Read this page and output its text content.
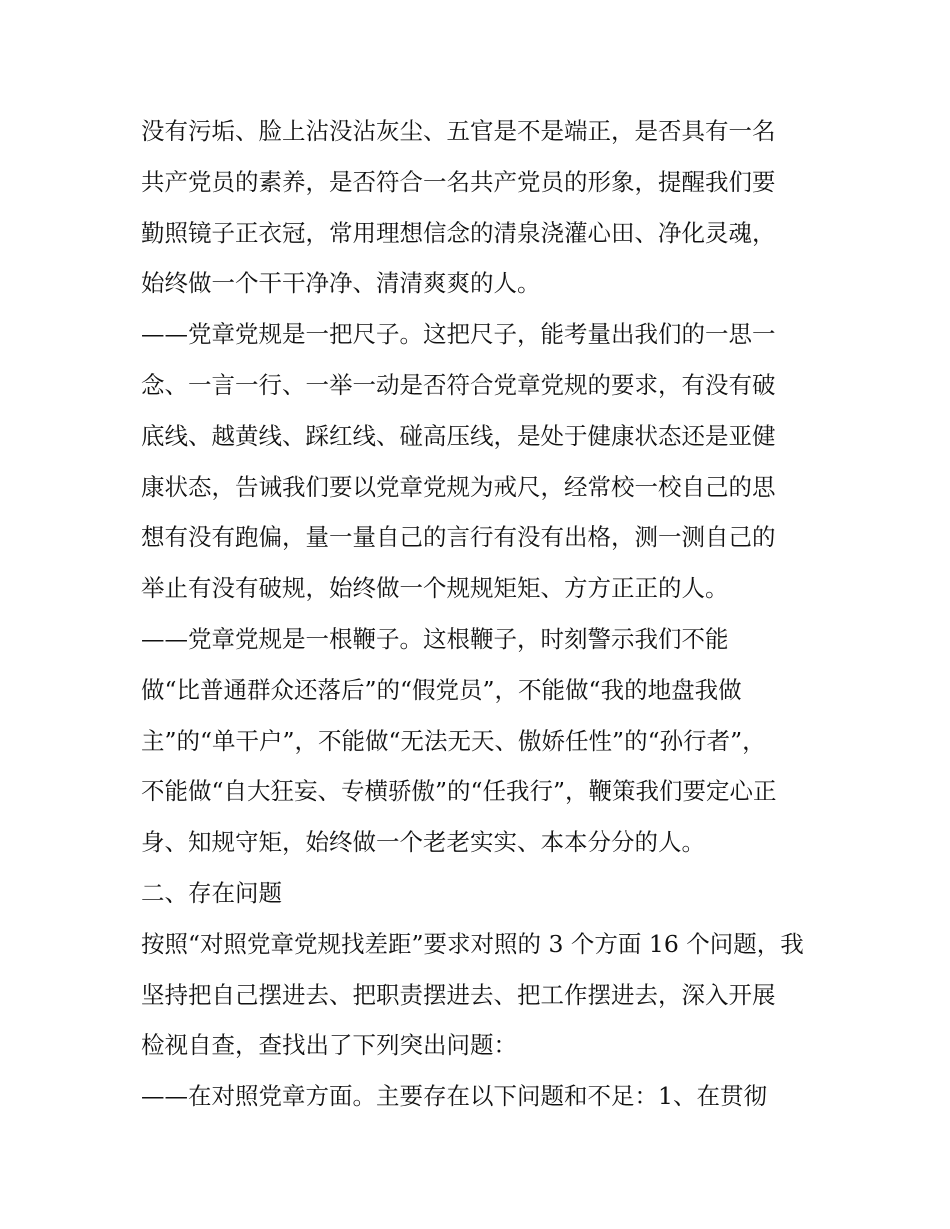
没有污垢、脸上沾没沾灰尘、五官是不是端正，是否具有一名
共产党员的素养，是否符合一名共产党员的形象，提醒我们要
勤照镜子正衣冠，常用理想信念的清泉浇灌心田、净化灵魂，
始终做一个干干净净、清清爽爽的人。
——党章党规是一把尺子。这把尺子，能考量出我们的一思一
念、一言一行、一举一动是否符合党章党规的要求，有没有破
底线、越黄线、踩红线、碰高压线，是处于健康状态还是亚健
康状态，告诫我们要以党章党规为戒尺，经常校一校自己的思
想有没有跑偏，量一量自己的言行有没有出格，测一测自己的
举止有没有破规，始终做一个规规矩矩、方方正正的人。
——党章党规是一根鞭子。这根鞭子，时刻警示我们不能
做“比普通群众还落后”的“假党员”，不能做“我的地盘我做
主”的“单干户”，不能做“无法无天、傲娇任性”的“孙行者”，
不能做“自大狂妄、专横骄傲”的“任我行”，鞭策我们要定心正
身、知规守矩，始终做一个老老实实、本本分分的人。
二、存在问题
按照“对照党章党规找差距”要求对照的 3 个方面 16 个问题，我
坚持把自己摆进去、把职责摆进去、把工作摆进去，深入开展
检视自查，查找出了下列突出问题：
——在对照党章方面。主要存在以下问题和不足：1、在贯彻
